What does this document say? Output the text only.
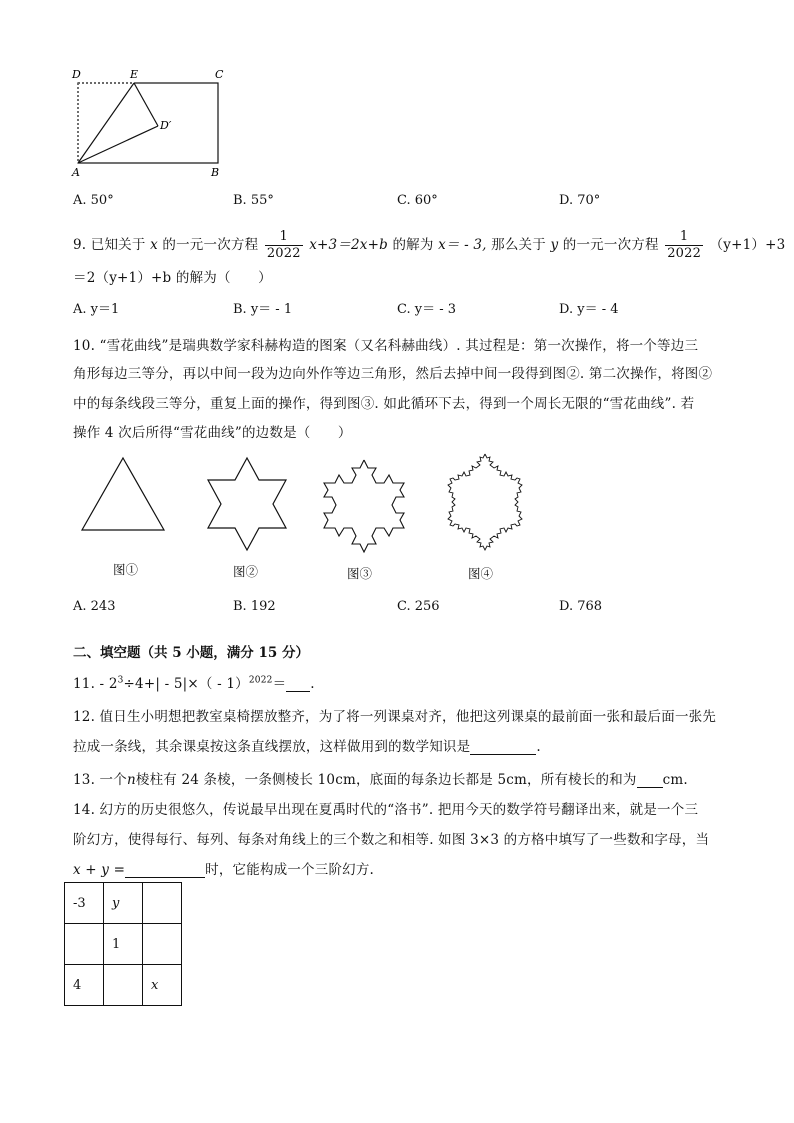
D	E	C
D′
A	B
A. 50°	B. 55°	C. 60°	D. 70°
9. 已知关于 x 的一元一次方程 $\frac{1}{2022} x+3=2x+b$ 的解为 x＝ - 3, 那么关于 y 的一元一次方程 $\frac{1}{2022} (y+1)+3$
＝2（y+1）+b 的解为（　　）
A. y＝1	B. y＝ - 1	C. y＝ - 3	D. y＝ - 4
10. “雪花曲线”是瑞典数学家科赫构造的图案（又名科赫曲线）. 其过程是：第一次操作，将一个等边三
角形每边三等分，再以中间一段为边向外作等边三角形，然后去掉中间一段得到图②. 第二次操作，将图②
中的每条线段三等分，重复上面的操作，得到图③. 如此循环下去，得到一个周长无限的“雪花曲线”. 若
操作 4 次后所得“雪花曲线”的边数是（　　）
图①	图②	图③	图④
A. 243	B. 192	C. 256	D. 768
二、填空题（共 5 小题，满分 15 分）
11. - $2^3\div 4+| - 5|\times( - 1)^{2022}=$ .
12. 值日生小明想把教室桌椅摆放整齐，为了将一列课桌对齐，他把这列课桌的最前面一张和最后面一张先
拉成一条线，其余课桌按这条直线摆放，这样做用到的数学知识是	.
13. 一个n棱柱有 24 条棱，一条侧棱长 10cm，底面的每条边长都是 5cm，所有棱长的和为 cm.
14. 幻方的历史很悠久，传说最早出现在夏禹时代的“洛书”. 把用今天的数学符号翻译出来，就是一个三
阶幻方，使得每行、每列、每条对角线上的三个数之和相等. 如图 3×3 的方格中填写了一些数和字母，当
x + y =	时，它能构成一个三阶幻方.
-3	y	
	1	
4		x
